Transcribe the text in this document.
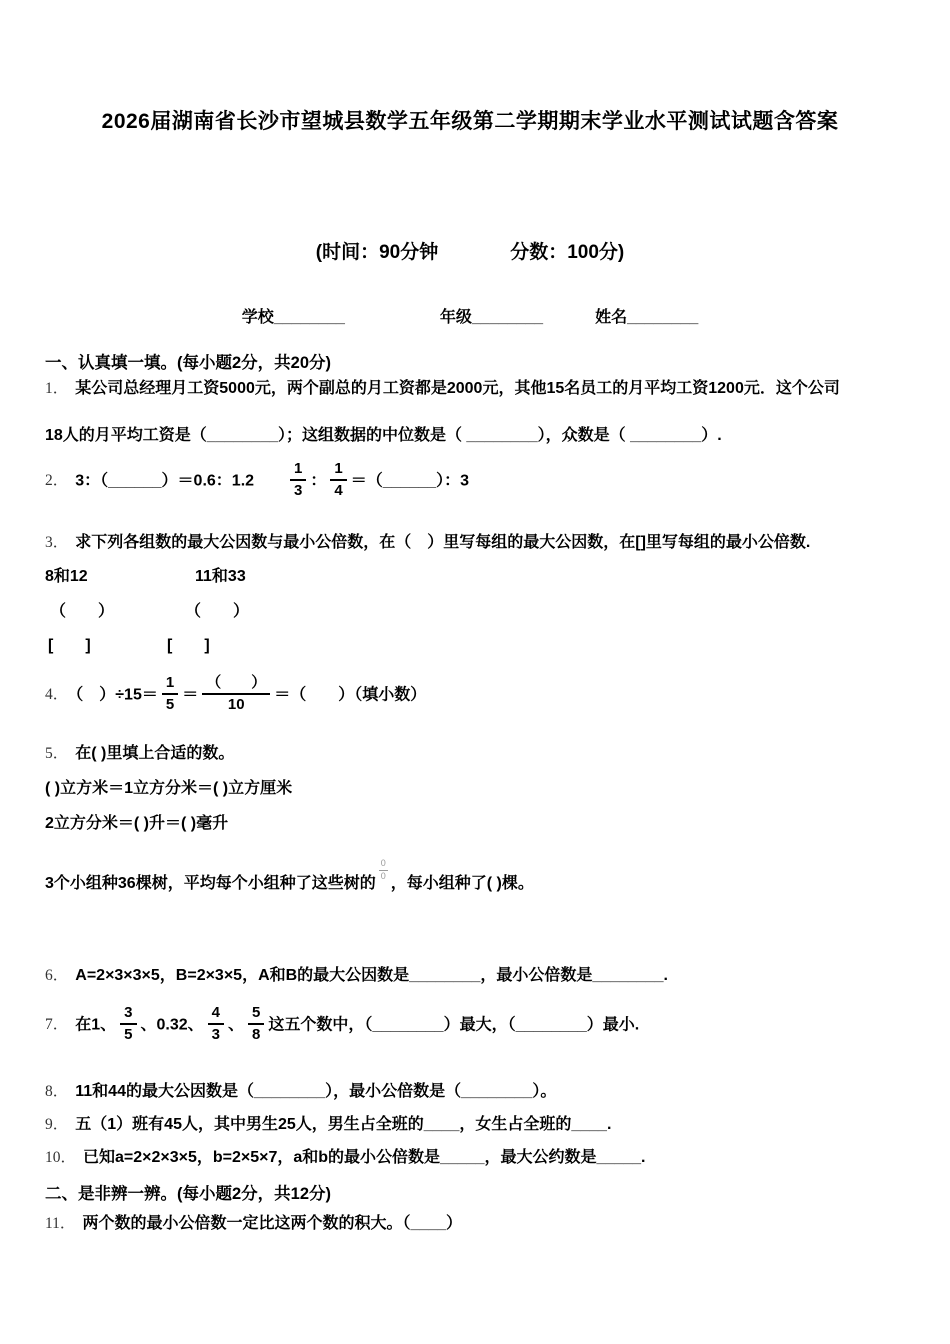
2026届湖南省长沙市望城县数学五年级第二学期期末学业水平测试试题含答案
(时间：90分钟	分数：100分)
学校________	年级________	姓名________

一、认真填一填。(每小题2分，共20分)

1． 某公司总经理月工资5000元，两个副总的月工资都是2000元，其他15名员工的月平均工资1200元．这个公司

18人的月平均工资是（________）；这组数据的中位数是（ ________），众数是（ ________）.

2． 3：（______）＝0.6：$1.2 \frac{1}{3}$ ： $\frac{1}{4}$ ＝（______）：3

3． 求下列各组数的最大公因数与最小公倍数，在（　）里写每组的最大公因数，在[]里写每组的最小公倍数.

8和12	11和33

（　　）	（　　）

[　　]	[　　]

4． （　）$\div 15= \frac{1}{5} = \frac{( )}{10}$ ＝（　　）（填小数）

5． 在( )里填上合适的数。

( )立方米＝1立方分米＝( )立方厘米

2立方分米＝( )升＝( )毫升

3个小组种36棵树，平均每个小组种了这些树的
$\frac{0}{0}$
，每小组种了( )棵。

6． A=2×3×3×5，B=2×3×5，A和B的最大公因数是________，最小公倍数是________.

7． 在1、 $\frac{3}{5}$ 、0.32、 $\frac{4}{3}$ 、 $\frac{5}{8}$ 这五个数中，（________）最大，（________）最小.

8． 11和44的最大公因数是（________），最小公倍数是（________）。

9． 五（1）班有45人，其中男生25人，男生占全班的____，女生占全班的____.

10． 已知a=2×2×3×5，b=2×5×7，a和b的最小公倍数是_____，最大公约数是_____.

二、是非辨一辨。(每小题2分，共12分)

11． 两个数的最小公倍数一定比这两个数的积大。（____）
